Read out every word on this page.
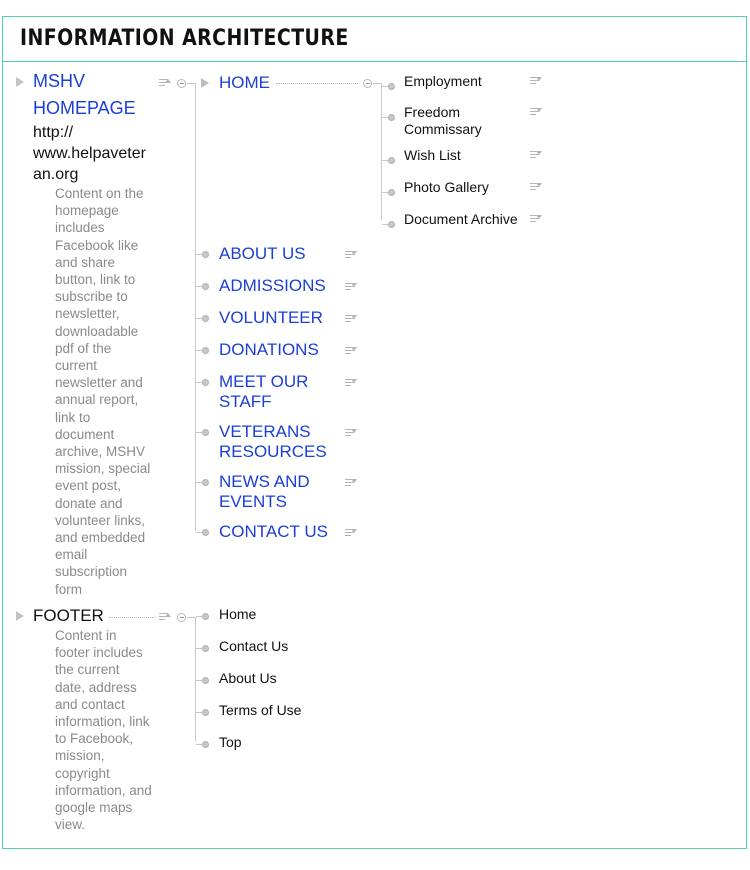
INFORMATION ARCHITECTURE
MSHV
HOMEPAGE
http://
www.helpaveter
an.org
Content on the
homepage
includes
Facebook like
and share
button, link to
subscribe to
newsletter,
downloadable
pdf of the
current
newsletter and
annual report,
link to
document
archive, MSHV
mission, special
event post,
donate and
volunteer links,
and embedded
email
subscription
form
HOME
FOOTER
Content in
footer includes
the current
date, address
and contact
information, link
to Facebook,
mission,
copyright
information, and
google maps
view.
Employment
Freedom Commissary
Wish List
Photo Gallery
Document Archive
ABOUT US
ADMISSIONS
VOLUNTEER
DONATIONS
MEET OUR STAFF
VETERANS RESOURCES
NEWS AND EVENTS
CONTACT US
Home
Contact Us
About Us
Terms of Use
Top
